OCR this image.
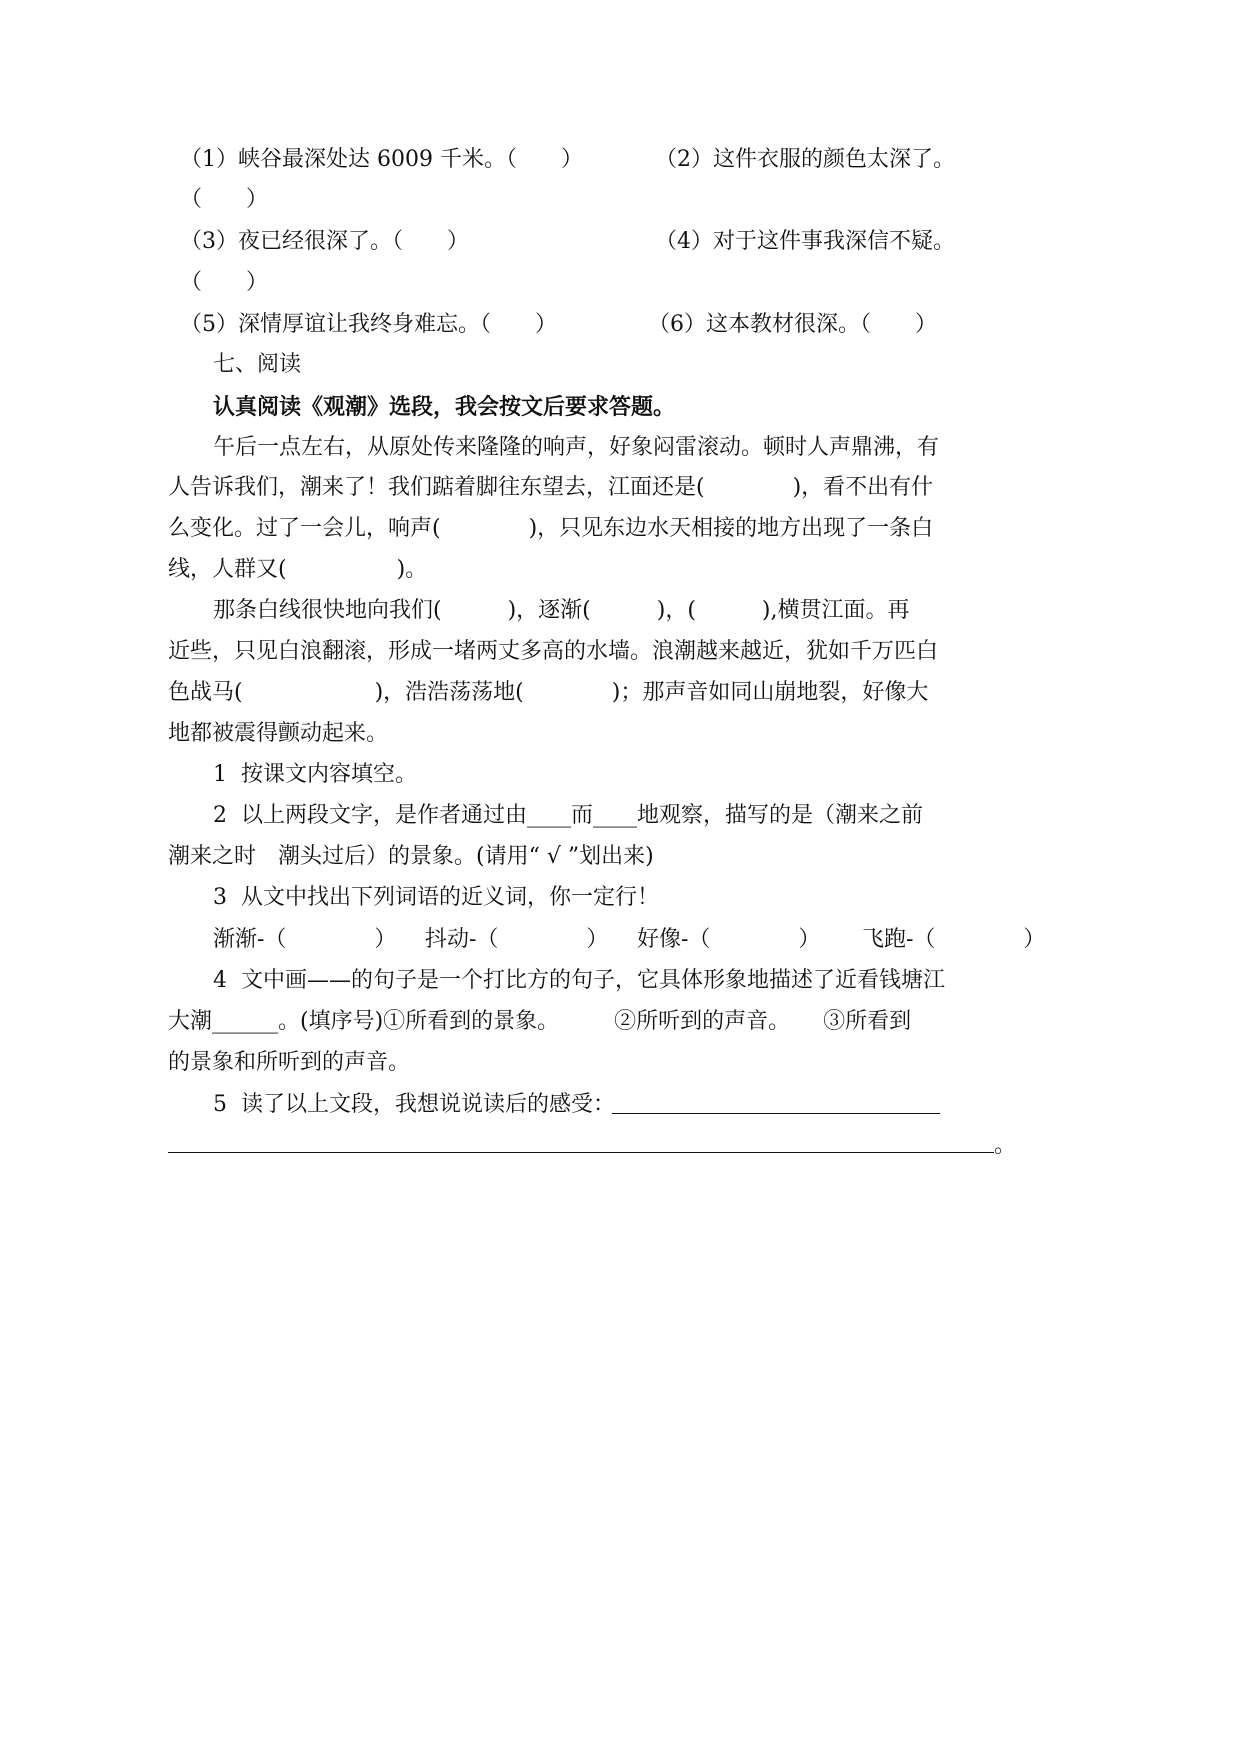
（1）峡谷最深处达 6009 千米。（　　）	（2）这件衣服的颜色太深了。
（　　）
（3）夜已经很深了。（　　）	（4）对于这件事我深信不疑。
（　　）
（5）深情厚谊让我终身难忘。（　　）	（6）这本教材很深。（　　）
七、阅读
认真阅读《观潮》选段，我会按文后要求答题。
午后一点左右，从原处传来隆隆的响声，好象闷雷滚动。顿时人声鼎沸，有
人告诉我们，潮来了！我们踮着脚往东望去，江面还是(　　　　)，看不出有什
么变化。过了一会儿，响声(　　　　)，只见东边水天相接的地方出现了一条白
线，人群又(　　　　　)。
那条白线很快地向我们(　　　)，逐渐(　　　)，(　　　),横贯江面。再
近些，只见白浪翻滚，形成一堵两丈多高的水墙。浪潮越来越近，犹如千万匹白
色战马(　　　　　　)，浩浩荡荡地(　　　　)；那声音如同山崩地裂，好像大
地都被震得颤动起来。
1  按课文内容填空。
2  以上两段文字，是作者通过由____而____地观察，描写的是（潮来之前
潮来之时　潮头过后）的景象。(请用“ √ ”划出来)
3  从文中找出下列词语的近义词，你一定行！
渐渐-（　　　　） 抖动-（　　　　） 好像-（　　　　） 飞跑-（　　　　）
4  文中画——的句子是一个打比方的句子，它具体形象地描述了近看钱塘江
大潮______。(填序号)①所看到的景象。　　　②所听到的声音。　　③所看到
的景象和所听到的声音。
5  读了以上文段，我想说说读后的感受：
。
